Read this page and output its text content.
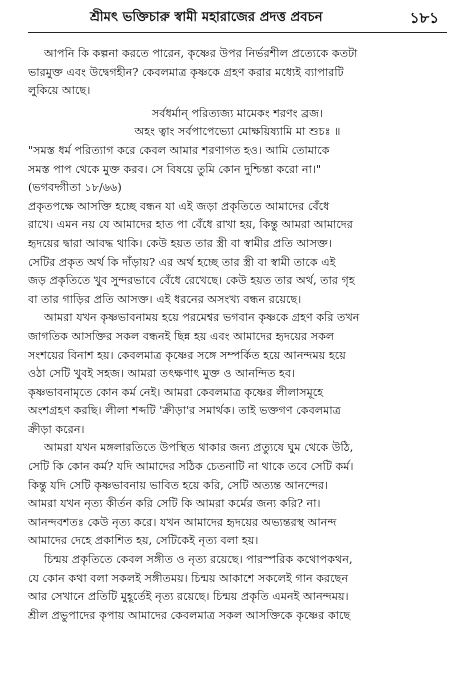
শ্রীমৎ ভক্তিচারু স্বামী মহারাজের প্রদত্ত প্রবচন	১৮১
আপনি কি কল্পনা করতে পারেন, কৃষ্ণের উপর নির্ভরশীল প্রত্যেকে কতটা
ভারমুক্ত এবং উদ্বেগহীন? কেবলমাত্র কৃষ্ণকে গ্রহণ করার মধ্যেই ব্যাপারটি
লুকিয়ে আছে।
সর্বধর্মান্‌ পরিত্যজ্য মামেকং শরণং ব্রজ।
অহং ত্বাং সর্বপাপেভ্যো মোক্ষয়িষ্যামি মা শুচঃ ॥
"সমস্ত ধর্ম পরিত্যাগ করে কেবল আমার শরণাগত হও। আমি তোমাকে
সমস্ত পাপ থেকে মুক্ত করব। সে বিষয়ে তুমি কোন দুশ্চিন্তা করো না।"
(ভগবদ্গীতা ১৮/৬৬)
প্রকৃতপক্ষে আসক্তি হচ্ছে বন্ধন যা এই জড়া প্রকৃতিতে আমাদের বেঁধে
রাখে। এমন নয় যে আমাদের হাত পা বেঁধে রাখা হয়, কিন্তু আমরা আমাদের
হৃদয়ের দ্বারা আবদ্ধ থাকি। কেউ হয়ত তার স্ত্রী বা স্বামীর প্রতি আসক্ত।
সেটির প্রকৃত অর্থ কি দাঁড়ায়? এর অর্থ হচ্ছে তার স্ত্রী বা স্বামী তাকে এই
জড় প্রকৃতিতে খুব সুন্দরভাবে বেঁধে রেখেছে। কেউ হয়ত তার অর্থ, তার গৃহ
বা তার গাড়ির প্রতি আসক্ত। এই ধরনের অসংখ্য বন্ধন রয়েছে।
আমরা যখন কৃষ্ণভাবনাময় হয়ে পরমেশ্বর ভগবান কৃষ্ণকে গ্রহণ করি তখন
জাগতিক আসক্তির সকল বন্ধনই ছিন্ন হয় এবং আমাদের হৃদয়ের সকল
সংশয়ের বিনাশ হয়। কেবলমাত্র কৃষ্ণের সঙ্গে সম্পর্কিত হয়ে আনন্দময় হয়ে
ওঠা সেটি খুবই সহজ। আমরা তৎক্ষণাৎ মুক্ত ও আনন্দিত হব।
কৃষ্ণভাবনামৃতে কোন কর্ম নেই। আমরা কেবলমাত্র কৃষ্ণের লীলাসমূহে
অংশগ্রহণ করছি। লীলা শব্দটি 'ক্রীড়া'র সমার্থক। তাই ভক্তগণ কেবলমাত্র
ক্রীড়া করেন।
আমরা যখন মঙ্গলারতিতে উপস্থিত থাকার জন্য প্রত্যুষে ঘুম থেকে উঠি,
সেটি কি কোন কর্ম? যদি আমাদের সঠিক চেতনাটি না থাকে তবে সেটি কর্ম।
কিন্তু যদি সেটি কৃষ্ণভাবনায় ভাবিত হয়ে করি, সেটি অত্যন্ত আনন্দের।
আমরা যখন নৃত্য কীর্তন করি সেটি কি আমরা কর্মের জন্য করি? না।
আনন্দবশতঃ কেউ নৃত্য করে। যখন আমাদের হৃদয়ের অভ্যন্তরস্থ আনন্দ
আমাদের দেহে প্রকাশিত হয়, সেটিকেই নৃত্য বলা হয়।
চিন্ময় প্রকৃতিতে কেবল সঙ্গীত ও নৃত্য রয়েছে। পারস্পরিক কথোপকথন,
যে কোন কথা বলা সকলই সঙ্গীতময়। চিন্ময় আকাশে সকলেই গান করছেন
আর সেখানে প্রতিটি মুহূর্তেই নৃত্য রয়েছে। চিন্ময় প্রকৃতি এমনই আনন্দময়।
শ্রীল প্রভুপাদের কৃপায় আমাদের কেবলমাত্র সকল আসক্তিকে কৃষ্ণের কাছে
